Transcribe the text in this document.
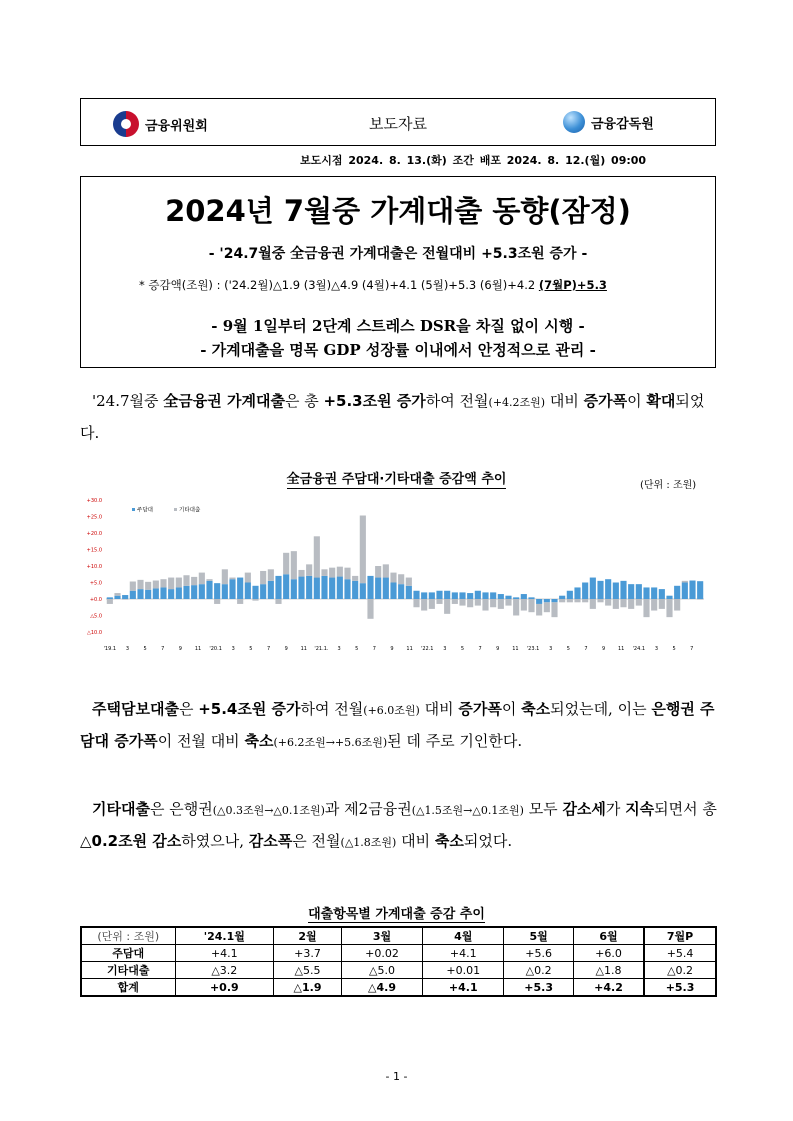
금융위원회	보도자료	금융감독원
보도시점 2024. 8. 13.(화) 조간 배포 2024. 8. 12.(월) 09:00
2024년 7월중 가계대출 동향(잠정)
- '24.7월중 全금융권 가계대출은 전월대비 +5.3조원 증가 -
* 증감액(조원) : ('24.2월)△1.9 (3월)△4.9 (4월)+4.1 (5월)+5.3 (6월)+4.2 (7월P)+5.3
- 9월 1일부터 2단계 스트레스 DSR을 차질 없이 시행 -
- 가계대출을 명목 GDP 성장률 이내에서 안정적으로 관리 -
'24.7월중 全금융권 가계대출은 총 +5.3조원 증가하여 전월(+4.2조원) 대비 증가폭이 확대되었다.
全금융권 주담대·기타대출 증감액 추이	(단위 : 조원)
+30.0
+25.0
+20.0
+15.0
+10.0
+5.0
+0.0
△5.0
△10.0
'19.1 3	5	7	9	11 '20.1 3	5	7	9	11 '21.1. 3	5	7	9	11 '22.1 3	5	7	9	11 '23.1 3	5	7	9	11 '24.1 3	5	7
주담대	기타대출
주택담보대출은 +5.4조원 증가하여 전월(+6.0조원) 대비 증가폭이 축소되었는데, 이는 은행권 주담대 증가폭이 전월 대비 축소(+6.2조원→+5.6조원)된 데 주로 기인한다.
기타대출은 은행권(△0.3조원→△0.1조원)과 제2금융권(△1.5조원→△0.1조원) 모두 감소세가 지속되면서 총 △0.2조원 감소하였으나, 감소폭은 전월(△1.8조원) 대비 축소되었다.
대출항목별 가계대출 증감 추이
(단위 : 조원)	'24.1월	2월	3월	4월	5월	6월	7월P
주담대	+4.1	+3.7	+0.02	+4.1	+5.6	+6.0	+5.4
기타대출	△3.2	△5.5	△5.0	+0.01	△0.2	△1.8	△0.2
합계	+0.9	△1.9	△4.9	+4.1	+5.3	+4.2	+5.3
- 1 -
